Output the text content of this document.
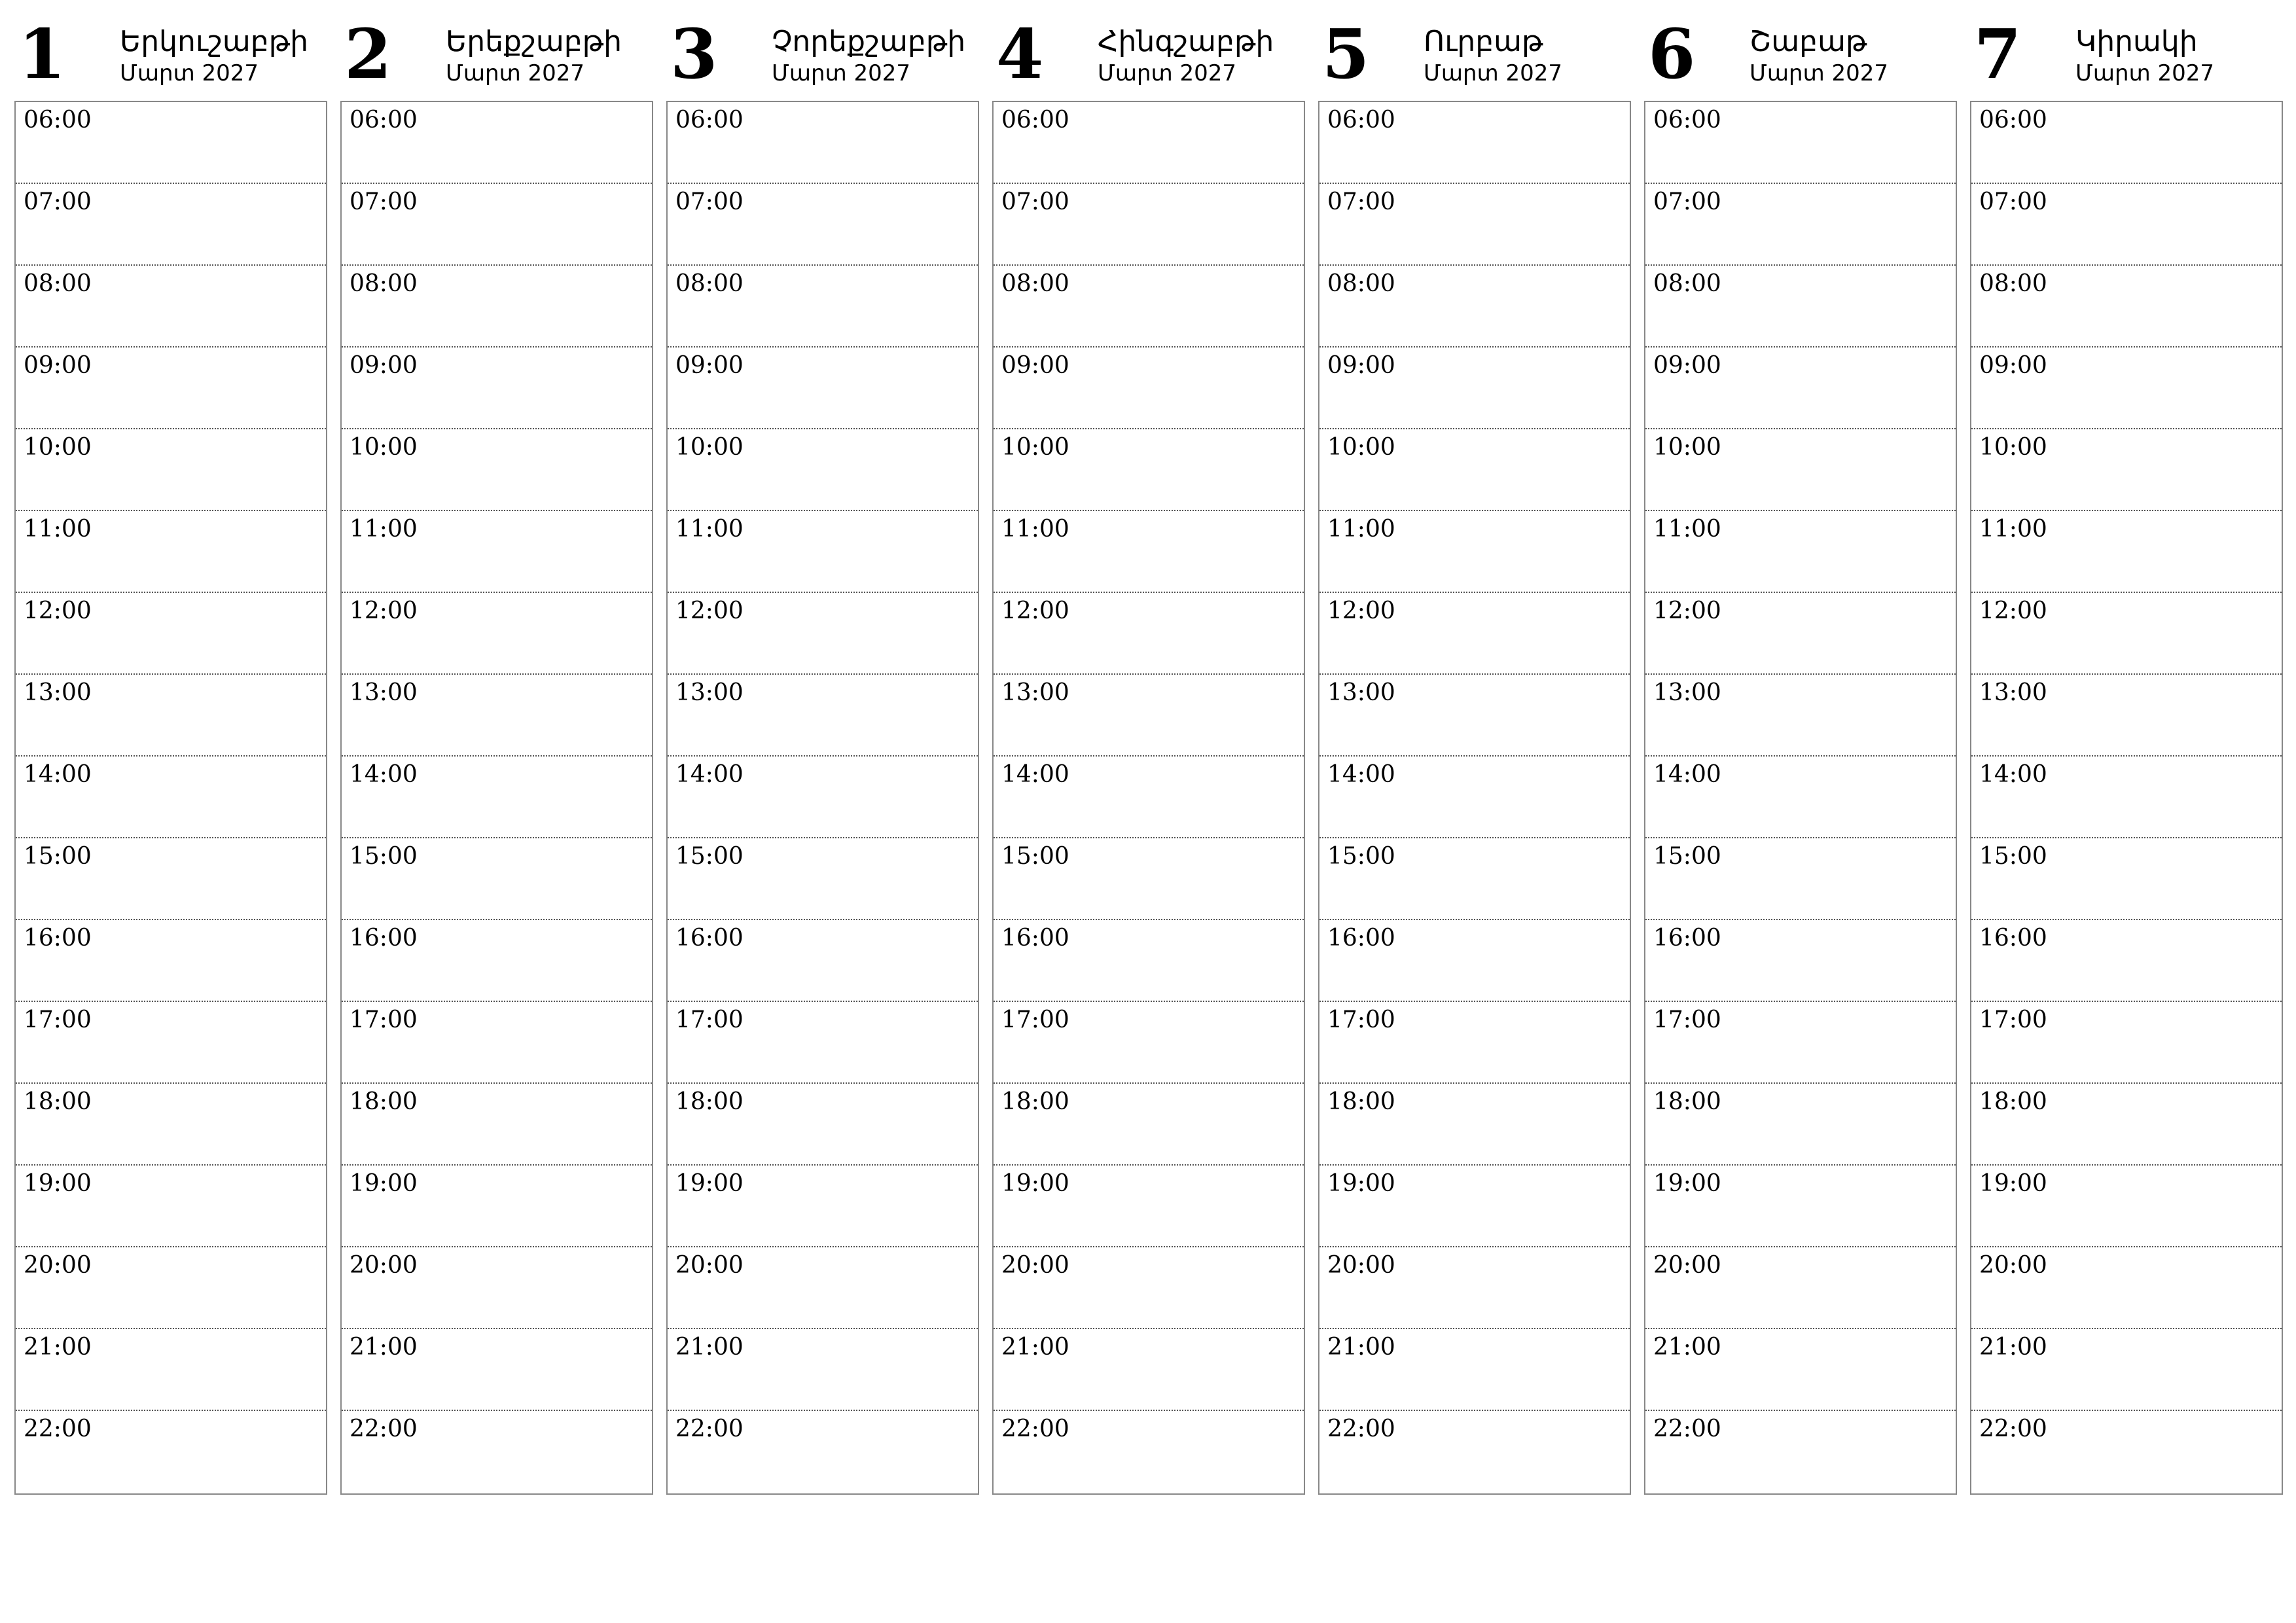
1 Երկուշաբթի
Մարտ 2027
06:00
07:00
08:00
09:00
10:00
11:00
12:00
13:00
14:00
15:00
16:00
17:00
18:00
19:00
20:00
21:00
22:00
2 Երեքշաբթի
Մարտ 2027
06:00
07:00
08:00
09:00
10:00
11:00
12:00
13:00
14:00
15:00
16:00
17:00
18:00
19:00
20:00
21:00
22:00
3 Չորեքշաբթի
Մարտ 2027
06:00
07:00
08:00
09:00
10:00
11:00
12:00
13:00
14:00
15:00
16:00
17:00
18:00
19:00
20:00
21:00
22:00
4 Հինգշաբթի
Մարտ 2027
06:00
07:00
08:00
09:00
10:00
11:00
12:00
13:00
14:00
15:00
16:00
17:00
18:00
19:00
20:00
21:00
22:00
5 Ուրբաթ
Մարտ 2027
06:00
07:00
08:00
09:00
10:00
11:00
12:00
13:00
14:00
15:00
16:00
17:00
18:00
19:00
20:00
21:00
22:00
6 Շաբաթ
Մարտ 2027
06:00
07:00
08:00
09:00
10:00
11:00
12:00
13:00
14:00
15:00
16:00
17:00
18:00
19:00
20:00
21:00
22:00
7 Կիրակի
Մարտ 2027
06:00
07:00
08:00
09:00
10:00
11:00
12:00
13:00
14:00
15:00
16:00
17:00
18:00
19:00
20:00
21:00
22:00
